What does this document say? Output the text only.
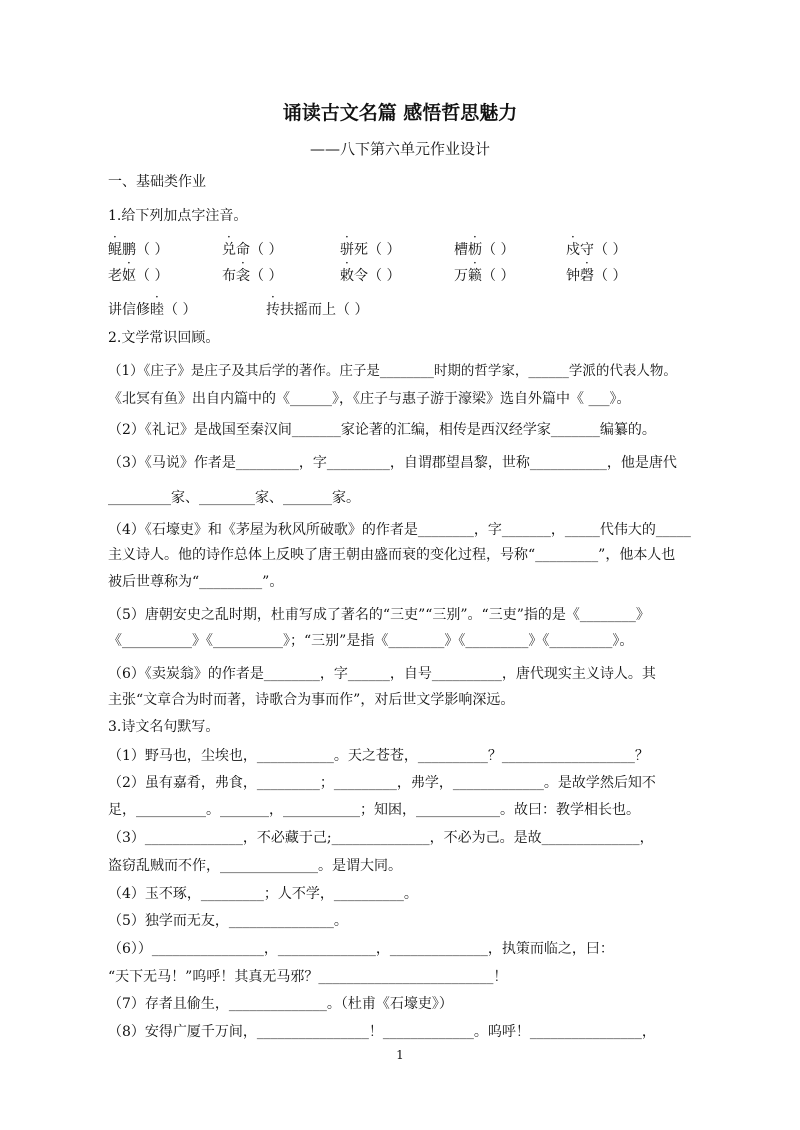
诵读古文名篇 感悟哲思魅力
——八下第六单元作业设计
一、基础类作业
1.给下列加点字注音。
鲲鹏（ ）	兑命（ ）	骈死（ ）	槽枥（ ）	戍守（ ）
·	·	·	·	·
老妪（ ）	布衾（ ）	敕令（ ）	万籁（ ）	钟磬（ ）
·	·	·	·	·
讲信修睦（ ）	抟扶摇而上（ ）
·	·
2.文学常识回顾。
（1）《庄子》是庄子及其后学的著作。庄子是________时期的哲学家，______学派的代表人物。
《北冥有鱼》出自内篇中的《______》，《庄子与惠子游于濠梁》选自外篇中《 ___》。
（2）《礼记》是战国至秦汉间_______家论著的汇编，相传是西汉经学家_______编纂的。
（3）《马说》作者是_________，字_________，自谓郡望昌黎，世称___________，他是唐代
_________家、________家、_______家。
（4）《石壕吏》和《茅屋为秋风所破歌》的作者是________，字_______，_____代伟大的_____
主义诗人。他的诗作总体上反映了唐王朝由盛而衰的变化过程，号称“_________”，他本人也
被后世尊称为“_________”。
（5）唐朝安史之乱时期，杜甫写成了著名的“三吏”“三别”。“三吏”指的是《________》
《__________》《__________》；“三别”是指《________》《_________》《_________》。
（6）《卖炭翁》的作者是________，字______，自号__________，唐代现实主义诗人。其
主张“文章合为时而著，诗歌合为事而作”，对后世文学影响深远。
3.诗文名句默写。
（1）野马也，尘埃也，___________。天之苍苍，__________？___________________？
（2）虽有嘉肴，弗食，_________；_________，弗学，_____________。是故学然后知不
足，__________。_______，___________；知困，____________。故曰：教学相长也。
（3）______________，不必藏于己;______________，不必为己。是故______________，
盗窃乱贼而不作，______________。是谓大同。
（4）玉不琢，_________；人不学，__________。
（5）独学而无友，_______________。
（6））________________，______________，______________，执策而临之，曰：
“天下无马！”呜呼！其真无马邪？_________________________！
（7）存者且偷生，______________。（杜甫《石壕吏》）
（8）安得广厦千万间，________________！_____________。呜呼！________________，
1
